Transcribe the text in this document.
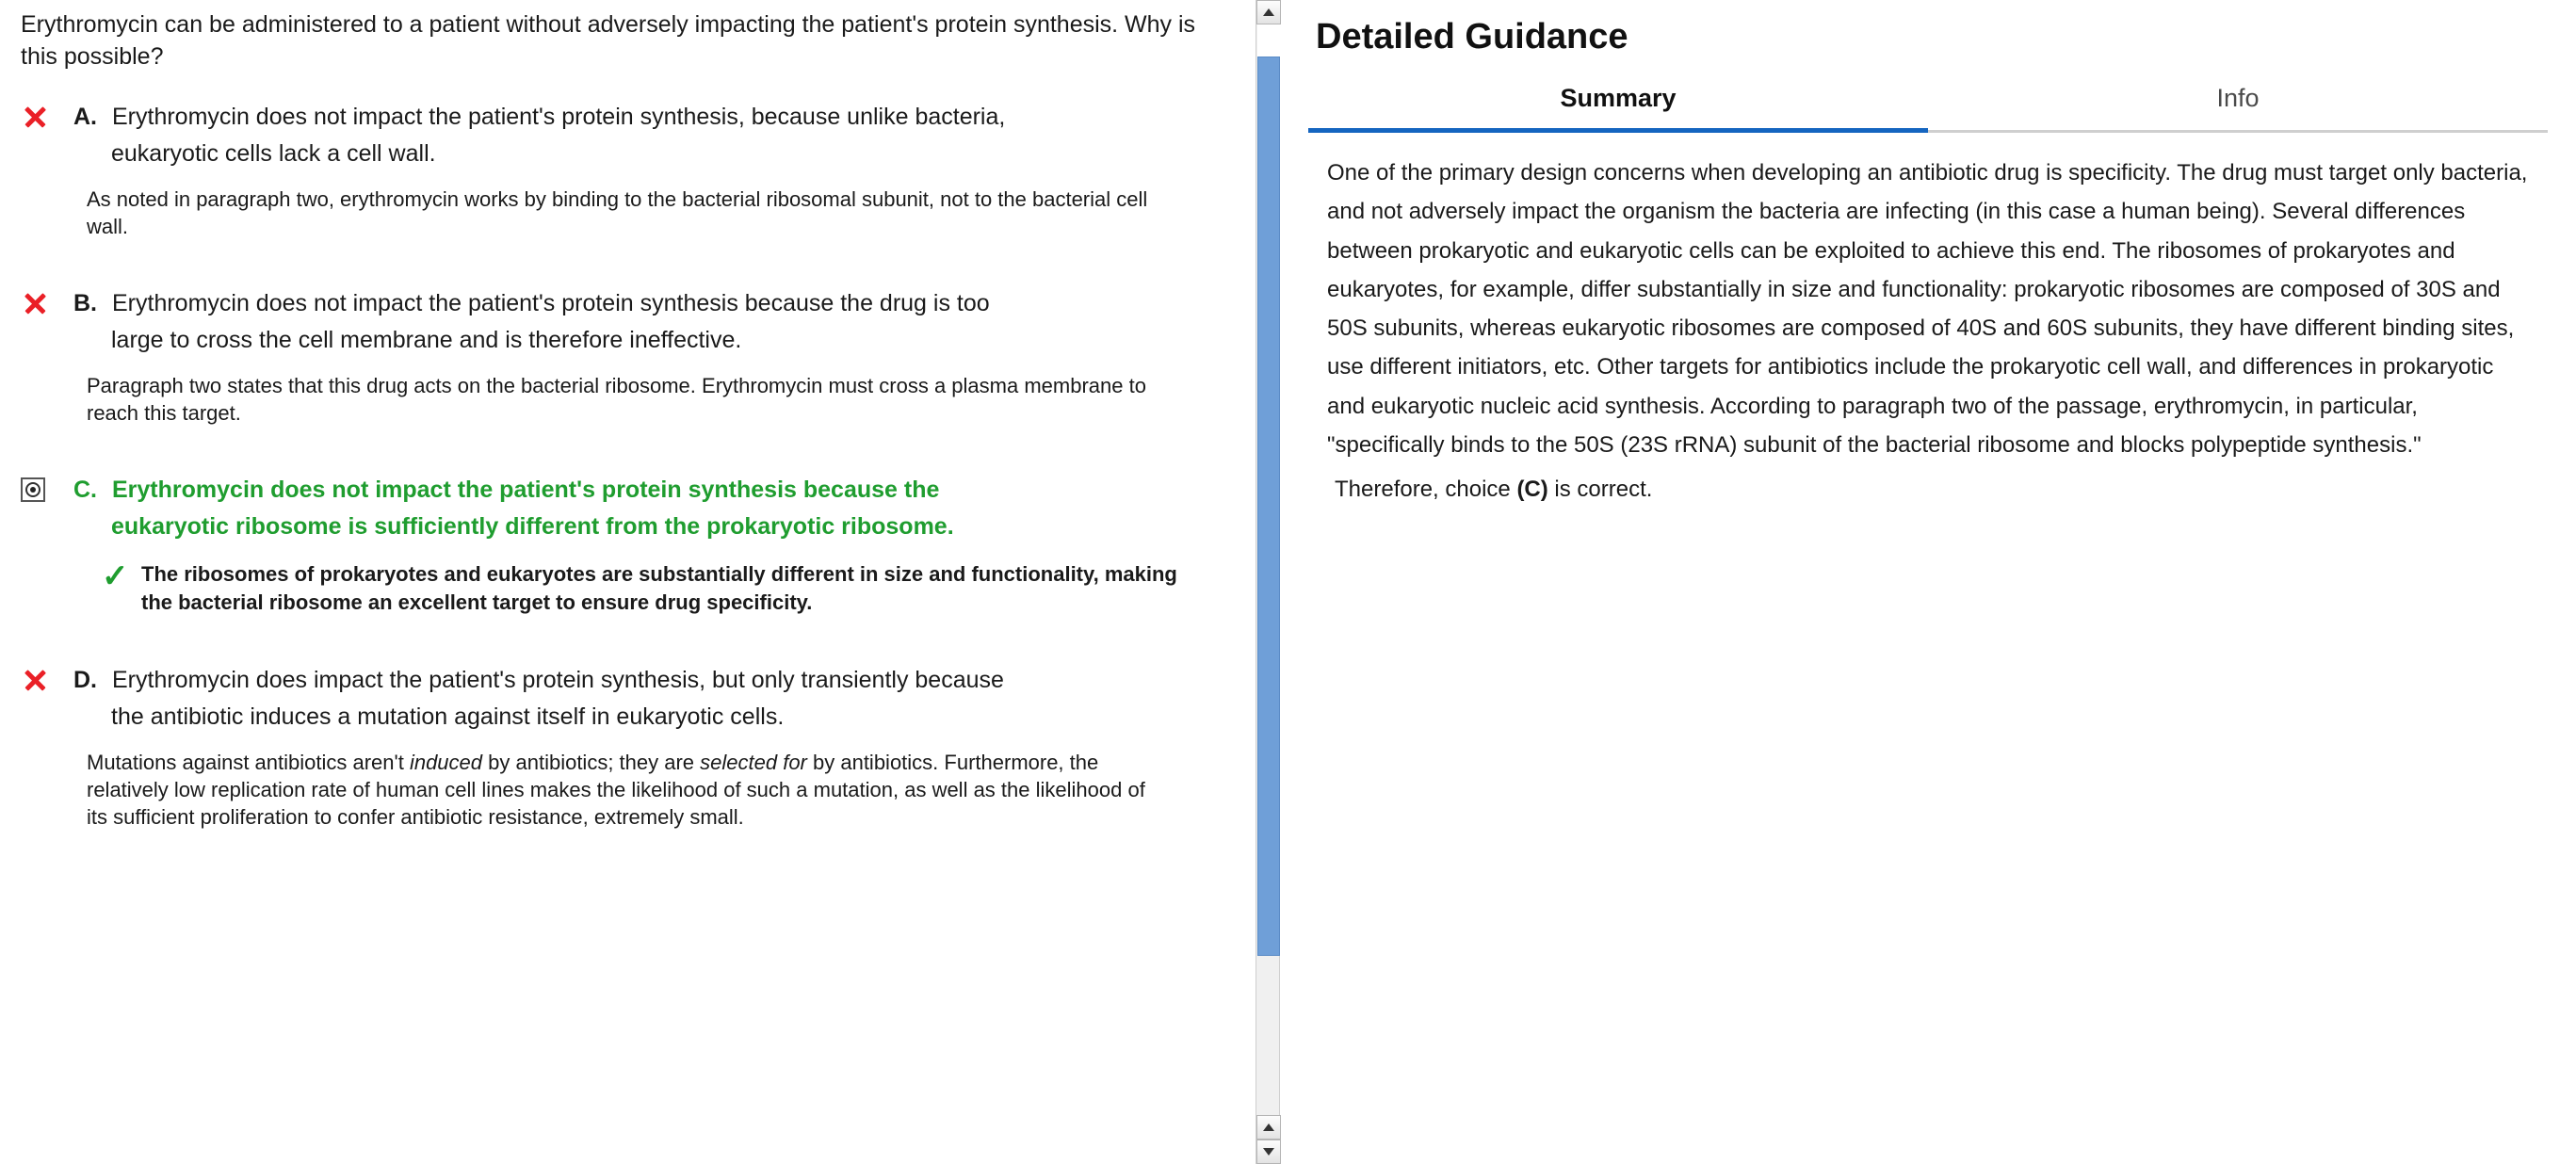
Erythromycin can be administered to a patient without adversely impacting the patient's protein synthesis. Why is this possible?
A. Erythromycin does not impact the patient's protein synthesis, because unlike bacteria,
eukaryotic cells lack a cell wall.
As noted in paragraph two, erythromycin works by binding to the bacterial ribosomal subunit, not to the bacterial cell wall.
B. Erythromycin does not impact the patient's protein synthesis because the drug is too
large to cross the cell membrane and is therefore ineffective.
Paragraph two states that this drug acts on the bacterial ribosome. Erythromycin must cross a plasma membrane to reach this target.
C. Erythromycin does not impact the patient's protein synthesis because the
eukaryotic ribosome is sufficiently different from the prokaryotic ribosome.
✓ The ribosomes of prokaryotes and eukaryotes are substantially different in size and functionality, making the bacterial ribosome an excellent target to ensure drug specificity.
D. Erythromycin does impact the patient's protein synthesis, but only transiently because
the antibiotic induces a mutation against itself in eukaryotic cells.
Mutations against antibiotics aren't induced by antibiotics; they are selected for by antibiotics. Furthermore, the relatively low replication rate of human cell lines makes the likelihood of such a mutation, as well as the likelihood of its sufficient proliferation to confer antibiotic resistance, extremely small.
Detailed Guidance
Summary	Info
One of the primary design concerns when developing an antibiotic drug is specificity. The drug must target only bacteria, and not adversely impact the organism the bacteria are infecting (in this case a human being). Several differences between prokaryotic and eukaryotic cells can be exploited to achieve this end. The ribosomes of prokaryotes and eukaryotes, for example, differ substantially in size and functionality: prokaryotic ribosomes are composed of 30S and 50S subunits, whereas eukaryotic ribosomes are composed of 40S and 60S subunits, they have different binding sites, use different initiators, etc. Other targets for antibiotics include the prokaryotic cell wall, and differences in prokaryotic and eukaryotic nucleic acid synthesis. According to paragraph two of the passage, erythromycin, in particular, "specifically binds to the 50S (23S rRNA) subunit of the bacterial ribosome and blocks polypeptide synthesis."
Therefore, choice (C) is correct.
